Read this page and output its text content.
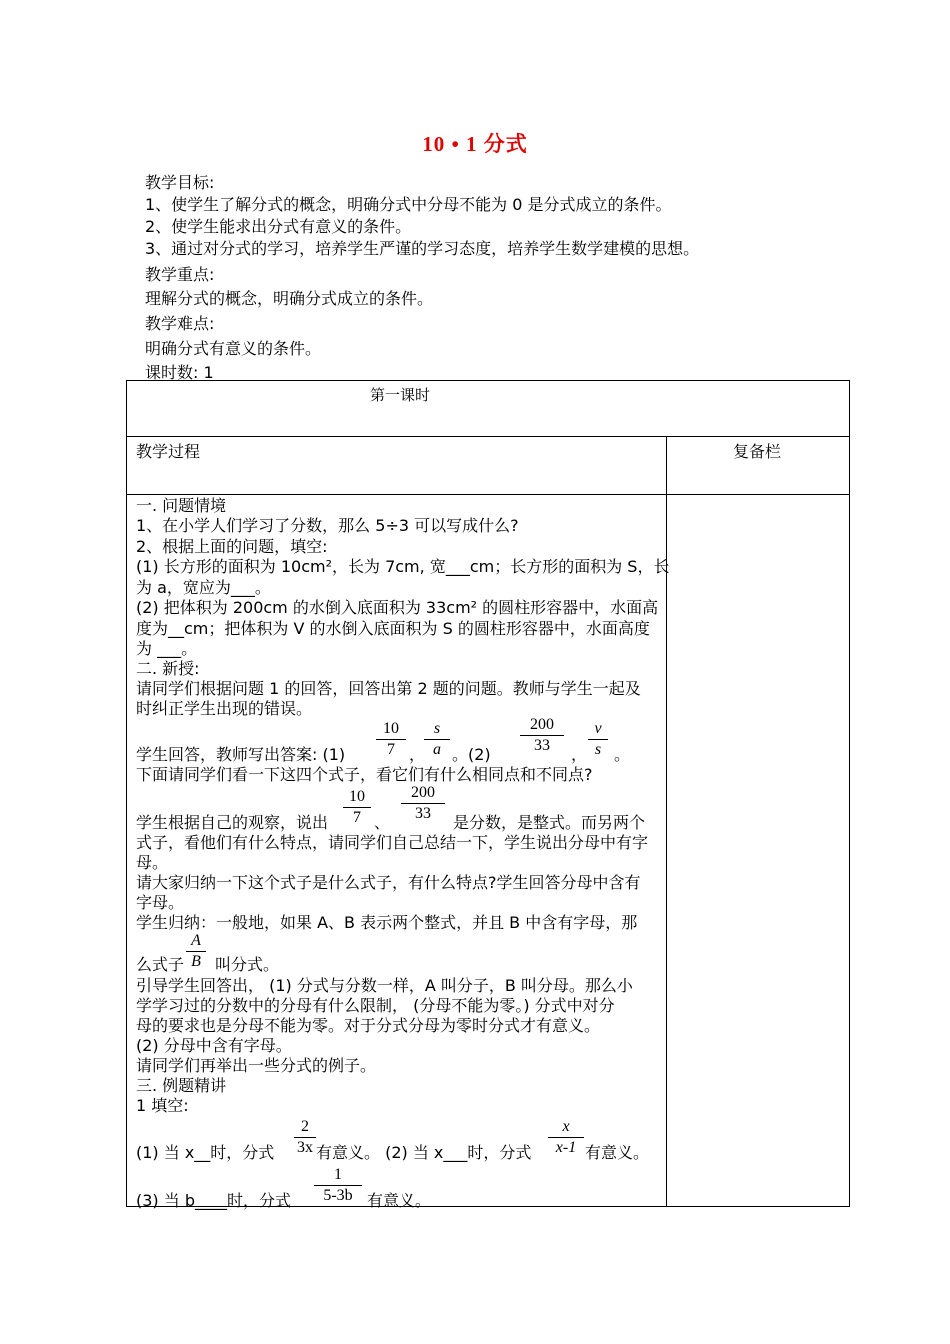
10 • 1 分式
教学目标:
1、使学生了解分式的概念，明确分式中分母不能为 0 是分式成立的条件。
2、使学生能求出分式有意义的条件。
3、通过对分式的学习，培养学生严谨的学习态度，培养学生数学建模的思想。
教学重点:
理解分式的概念，明确分式成立的条件。
教学难点:
明确分式有意义的条件。
课时数: 1
第一课时
教学过程	复备栏
一. 问题情境
1、在小学人们学习了分数，那么 5÷3 可以写成什么?
2、根据上面的问题，填空:
(1) 长方形的面积为 10cm²，长为 7cm, 宽___cm；长方形的面积为 S，长
为 a，宽应为___。
(2) 把体积为 200cm 的水倒入底面积为 33cm² 的圆柱形容器中，水面高
度为__cm；把体积为 V 的水倒入底面积为 S 的圆柱形容器中，水面高度
为 ___。
二. 新授:
请同学们根据问题 1 的回答，回答出第 2 题的问题。教师与学生一起及
时纠正学生出现的错误。
学生回答，教师写出答案: (1)
10
7 ，
s
a 。(2)
200
33	，
v
s 。
下面请同学们看一下这四个式子，看它们有什么相同点和不同点?
学生根据自己的观察，说出
10
7 、
200
33	是分数，是整式。而另两个
式子，看他们有什么特点，请同学们自己总结一下，学生说出分母中有字
母。
请大家归纳一下这个式子是什么式子，有什么特点?学生回答分母中含有
字母。
学生归纳：一般地，如果 A、B 表示两个整式，并且 B 中含有字母，那
么式子
A
B 叫分式。
引导学生回答出， (1) 分式与分数一样，A 叫分子，B 叫分母。那么小
学学习过的分数中的分母有什么限制， (分母不能为零。) 分式中对分
母的要求也是分母不能为零。对于分式分母为零时分式才有意义。
(2) 分母中含有字母。
请同学们再举出一些分式的例子。
三. 例题精讲
1 填空:
(1) 当 x__时，分式
2
3x 有意义。 (2) 当 x___时，分式
x
x-1 有意义。
(3) 当 b____时，分式
1
5-3b 有意义。
